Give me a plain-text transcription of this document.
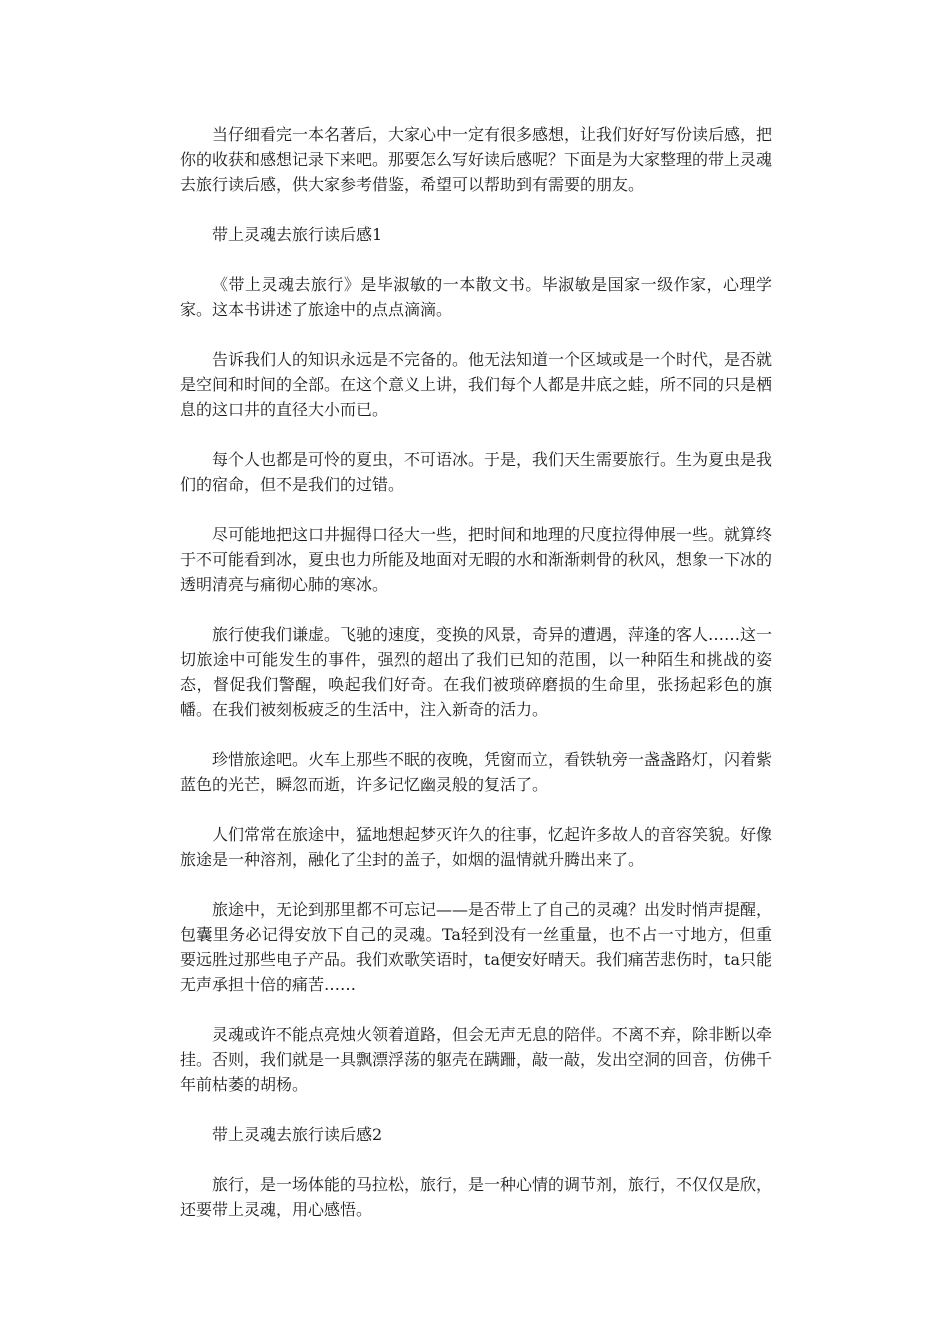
当仔细看完一本名著后，大家心中一定有很多感想，让我们好好写份读后感，把你的收获和感想记录下来吧。那要怎么写好读后感呢？下面是为大家整理的带上灵魂去旅行读后感，供大家参考借鉴，希望可以帮助到有需要的朋友。

带上灵魂去旅行读后感1

《带上灵魂去旅行》是毕淑敏的一本散文书。毕淑敏是国家一级作家，心理学家。这本书讲述了旅途中的点点滴滴。

告诉我们人的知识永远是不完备的。他无法知道一个区域或是一个时代，是否就是空间和时间的全部。在这个意义上讲，我们每个人都是井底之蛙，所不同的只是栖息的这口井的直径大小而已。

每个人也都是可怜的夏虫，不可语冰。于是，我们天生需要旅行。生为夏虫是我们的宿命，但不是我们的过错。

尽可能地把这口井掘得口径大一些，把时间和地理的尺度拉得伸展一些。就算终于不可能看到冰，夏虫也力所能及地面对无暇的水和渐渐刺骨的秋风，想象一下冰的透明清亮与痛彻心肺的寒冰。

旅行使我们谦虚。飞驰的速度，变换的风景，奇异的遭遇，萍逢的客人……这一切旅途中可能发生的事件，强烈的超出了我们已知的范围，以一种陌生和挑战的姿态，督促我们警醒，唤起我们好奇。在我们被琐碎磨损的生命里，张扬起彩色的旗幡。在我们被刻板疲乏的生活中，注入新奇的活力。

珍惜旅途吧。火车上那些不眠的夜晚，凭窗而立，看铁轨旁一盏盏路灯，闪着紫蓝色的光芒，瞬忽而逝，许多记忆幽灵般的复活了。

人们常常在旅途中，猛地想起梦灭许久的往事，忆起许多故人的音容笑貌。好像旅途是一种溶剂，融化了尘封的盖子，如烟的温情就升腾出来了。

旅途中，无论到那里都不可忘记——是否带上了自己的灵魂？出发时悄声提醒，包囊里务必记得安放下自己的灵魂。Ta轻到没有一丝重量，也不占一寸地方，但重要远胜过那些电子产品。我们欢歌笑语时，ta便安好晴天。我们痛苦悲伤时，ta只能无声承担十倍的痛苦……

灵魂或许不能点亮烛火领着道路，但会无声无息的陪伴。不离不弃，除非断以牵挂。否则，我们就是一具飘漂浮荡的躯壳在蹒跚，敲一敲，发出空洞的回音，仿佛千年前枯萎的胡杨。

带上灵魂去旅行读后感2

旅行，是一场体能的马拉松，旅行，是一种心情的调节剂，旅行，不仅仅是欣，还要带上灵魂，用心感悟。
